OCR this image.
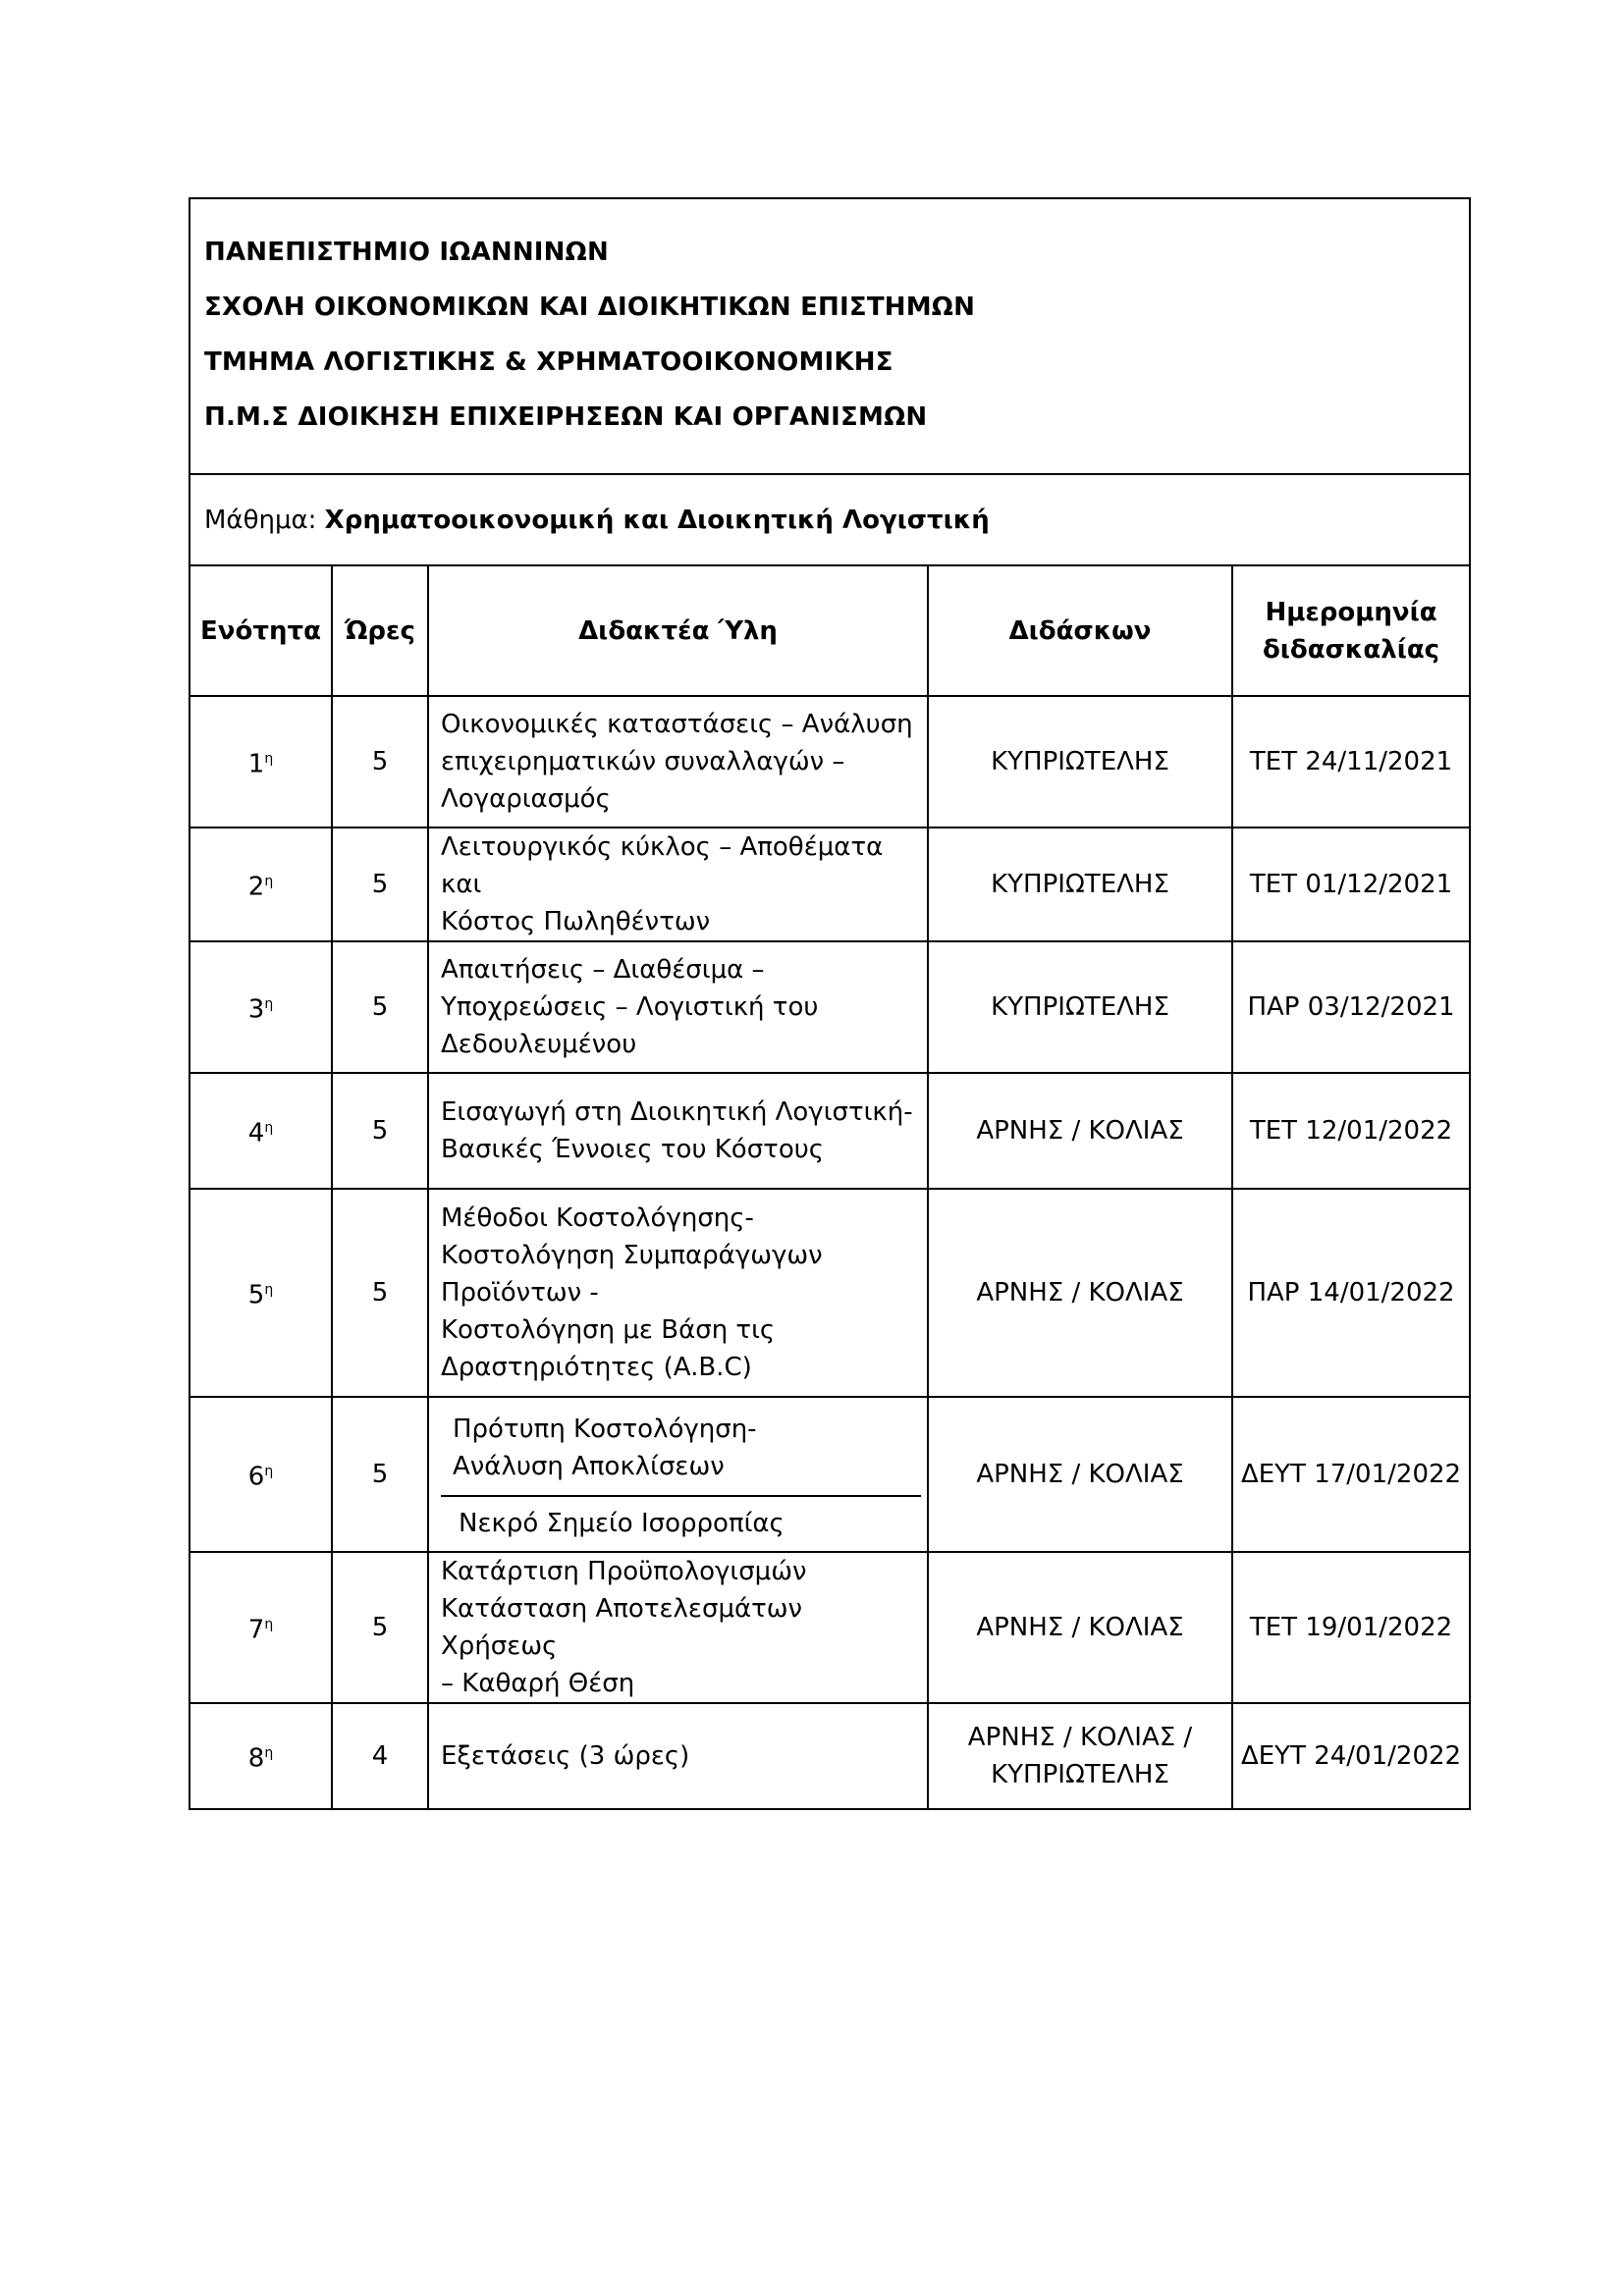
ΠΑΝΕΠΙΣΤΗΜΙΟ ΙΩΑΝΝΙΝΩΝ
ΣΧΟΛΗ ΟΙΚΟΝΟΜΙΚΩΝ ΚΑΙ ΔΙΟΙΚΗΤΙΚΩΝ ΕΠΙΣΤΗΜΩΝ
ΤΜΗΜΑ ΛΟΓΙΣΤΙΚΗΣ & ΧΡΗΜΑΤΟΟΙΚΟΝΟΜΙΚΗΣ
Π.Μ.Σ ΔΙΟΙΚΗΣΗ ΕΠΙΧΕΙΡΗΣΕΩΝ ΚΑΙ ΟΡΓΑΝΙΣΜΩΝ				

Μάθημα: Χρηματοοικονομική και Διοικητική Λογιστική				
Ενότητα	Ώρες	Διδακτέα Ύλη	Διδάσκων	Ημερομηνία
διδασκαλίας

$1^\eta$	5	Οικονομικές καταστάσεις – Ανάλυση
επιχειρηματικών συναλλαγών –
Λογαριασμός	ΚΥΠΡΙΩΤΕΛΗΣ	ΤΕΤ 24/11/2021
$2^\eta$	5	Λειτουργικός κύκλος – Αποθέματα και
Κόστος Πωληθέντων	ΚΥΠΡΙΩΤΕΛΗΣ	ΤΕΤ 01/12/2021
$3^\eta$	5	Απαιτήσεις – Διαθέσιμα –
Υποχρεώσεις – Λογιστική του
Δεδουλευμένου	ΚΥΠΡΙΩΤΕΛΗΣ	ΠΑΡ 03/12/2021
$4^\eta$	5	Εισαγωγή στη Διοικητική Λογιστική-
Βασικές Έννοιες του Κόστους	ΑΡΝΗΣ / ΚΟΛΙΑΣ	ΤΕΤ 12/01/2022
$5^\eta$	5	Μέθοδοι Κοστολόγησης-
Κοστολόγηση Συμπαράγωγων
Προϊόντων -
Κοστολόγηση με Βάση τις
Δραστηριότητες (A.B.C)	ΑΡΝΗΣ / ΚΟΛΙΑΣ	ΠΑΡ 14/01/2022
$6^\eta$	5	Πρότυπη Κοστολόγηση-
Ανάλυση Αποκλίσεων
Νεκρό Σημείο Ισορροπίας	ΑΡΝΗΣ / ΚΟΛΙΑΣ	ΔΕΥΤ 17/01/2022
$7^\eta$	5	Κατάρτιση Προϋπολογισμών
Κατάσταση Αποτελεσμάτων Χρήσεως
– Καθαρή Θέση	ΑΡΝΗΣ / ΚΟΛΙΑΣ	ΤΕΤ 19/01/2022
$8^\eta$	4	Εξετάσεις (3 ώρες)	ΑΡΝΗΣ / ΚΟΛΙΑΣ /
ΚΥΠΡΙΩΤΕΛΗΣ	ΔΕΥΤ 24/01/2022
